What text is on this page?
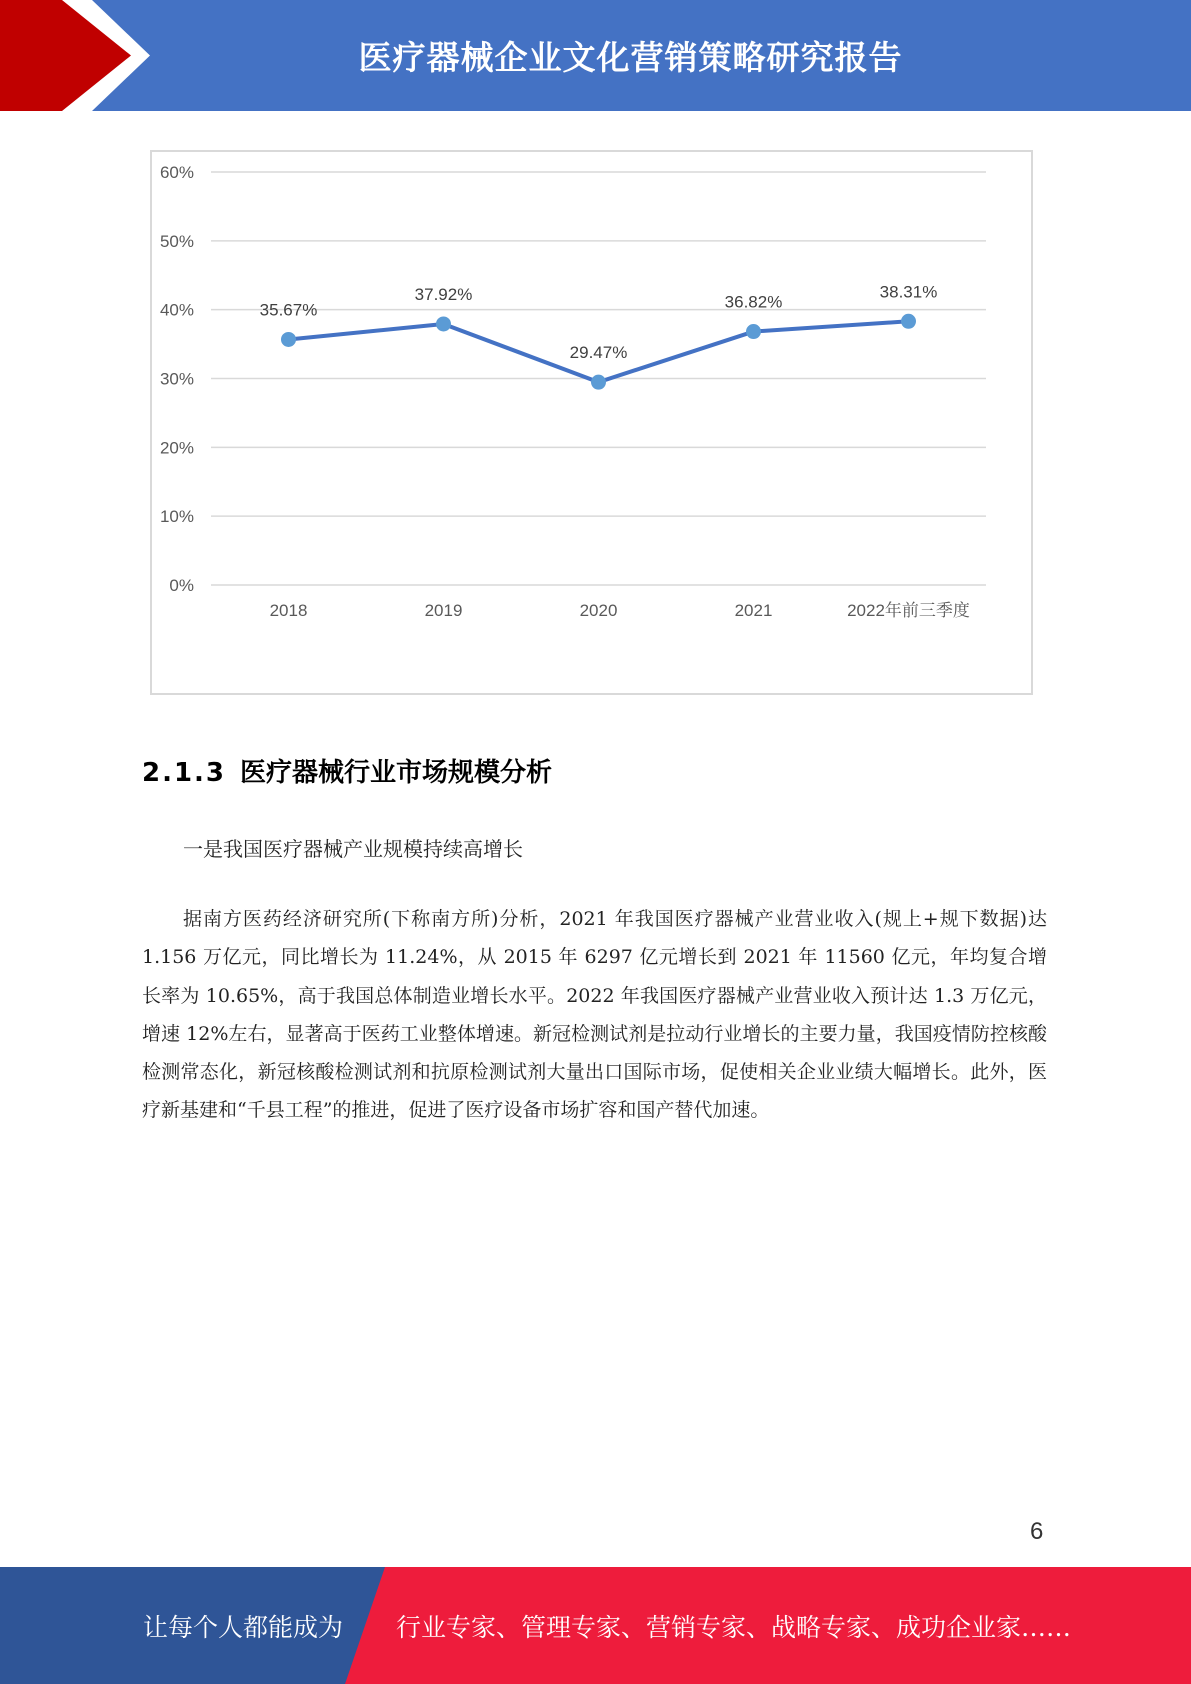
医疗器械企业文化营销策略研究报告
0%
10%
20%
30%
40%
50%
60%
2018	2019	2020	2021	2022年前三季度
35.67%
37.92%
29.47%
36.82%
38.31%
2.1.3 医疗器械行业市场规模分析
一是我国医疗器械产业规模持续高增长

据南方医药经济研究所(下称南方所)分析，2021 年我国医疗器械产业营业收入(规上+规下数据)达 1.156 万亿元，同比增长为 11.24%，从 2015 年 6297 亿元增长到 2021 年 11560 亿元，年均复合增长率为 10.65%，高于我国总体制造业增长水平。2022 年我国医疗器械产业营业收入预计达 1.3 万亿元，增速 12%左右，显著高于医药工业整体增速。新冠检测试剂是拉动行业增长的主要力量，我国疫情防控核酸检测常态化，新冠核酸检测试剂和抗原检测试剂大量出口国际市场，促使相关企业业绩大幅增长。此外，医疗新基建和“千县工程”的推进，促进了医疗设备市场扩容和国产替代加速。

6
让每个人都能成为 行业专家、管理专家、营销专家、战略专家、成功企业家……
